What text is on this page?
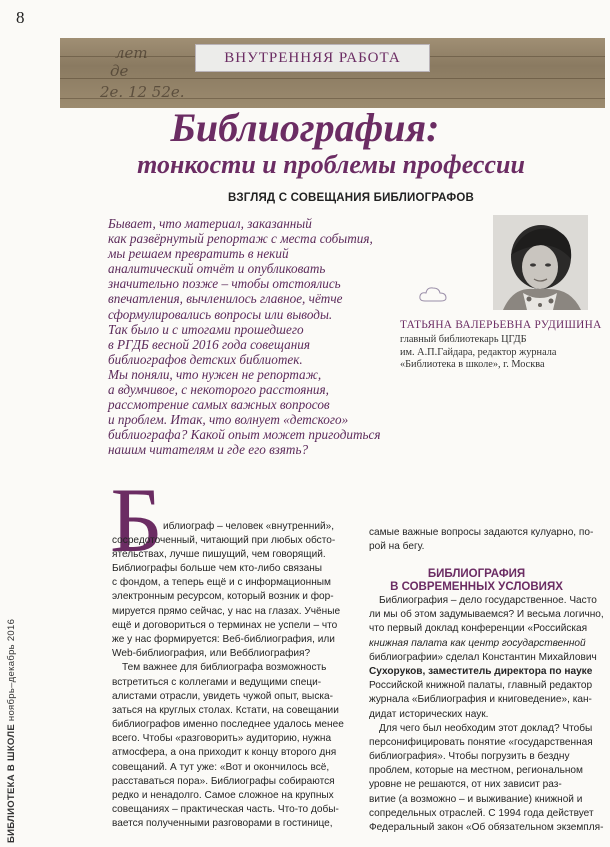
8
лет
де
2е. 12 52е.
ВНУТРЕННЯЯ РАБОТА
Библиография:
тонкости и проблемы профессии
ВЗГЛЯД С СОВЕЩАНИЯ БИБЛИОГРАФОВ
Бывает, что материал, заказанный
как развёрнутый репортаж с места события,
мы решаем превратить в некий
аналитический отчёт и опубликовать
значительно позже – чтобы отстоялись
впечатления, вычленилось главное, чётче
сформулировались вопросы или выводы.
Так было и с итогами прошедшего
в РГДБ весной 2016 года совещания
библиографов детских библиотек.
Мы поняли, что нужен не репортаж,
а вдумчивое, с некоторого расстояния,
рассмотрение самых важных вопросов
и проблем. Итак, что волнует «детского»
библиографа? Какой опыт может пригодиться
нашим читателям и где его взять?
ТАТЬЯНА ВАЛЕРЬЕВНА РУДИШИНА
главный библиотекарь ЦГДБ
им. А.П.Гайдара, редактор журнала
«Библиотека в школе», г. Москва
Б иблиограф – человек «внутренний»,
сосредоточенный, читающий при любых обсто-
ятельствах, лучше пишущий, чем говорящий.
Библиографы больше чем кто-либо связаны
с фондом, а теперь ещё и с информационным
электронным ресурсом, который возник и фор-
мируется прямо сейчас, у нас на глазах. Учёные
ещё и договориться о терминах не успели – что
же у нас формируется: Веб-библиография, или
Web-библиография, или Вебблиография?
Тем важнее для библиографа возможность
встретиться с коллегами и ведущими специ-
алистами отрасли, увидеть чужой опыт, выска-
заться на круглых столах. Кстати, на совещании
библиографов именно последнее удалось менее
всего. Чтобы «разговорить» аудиторию, нужна
атмосфера, а она приходит к концу второго дня
совещаний. А тут уже: «Вот и окончилось всё,
расставаться пора». Библиографы собираются
редко и ненадолго. Самое сложное на крупных
совещаниях – практическая часть. Что-то добы-
вается полученными разговорами в гостинице,
самые важные вопросы задаются кулуарно, по-
рой на бегу.
БИБЛИОГРАФИЯ
В СОВРЕМЕННЫХ УСЛОВИЯХ
Библиография – дело государственное. Часто
ли мы об этом задумываемся? И весьма логично,
что первый доклад конференции «Российская
книжная палата как центр государственной
библиографии» сделал Константин Михайлович
Сухоруков, заместитель директора по науке
Российской книжной палаты, главный редактор
журнала «Библиография и книговедение», кан-
дидат исторических наук.
Для чего был необходим этот доклад? Чтобы
персонифицировать понятие «государственная
библиография». Чтобы погрузить в бездну
проблем, которые на местном, региональном
уровне не решаются, от них зависит раз-
витие (а возможно – и выживание) книжной и
сопредельных отраслей. С 1994 года действует
Федеральный закон «Об обязательном экземпля-
БИБЛИОТЕКА В ШКОЛЕ ноябрь–декабрь 2016
